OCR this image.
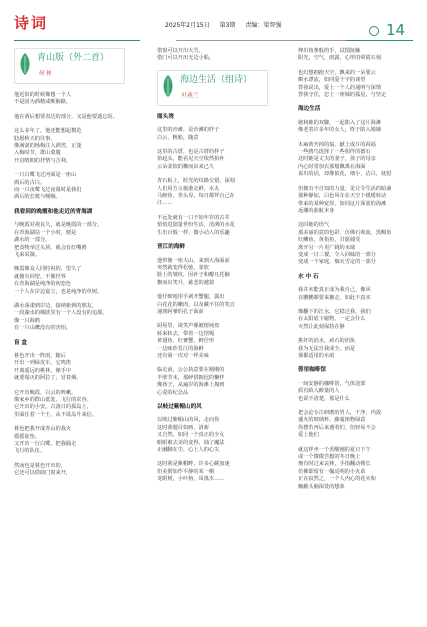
诗词	2025年2月15日 第3期 责编：梁智强	14
青山版（外二首）
何 林

他近似的时候像想一个人
不是因为酒精或断脑路。

他在酒后想要表达的部分，又是他要遗忘的。

这么多年了，他还能想起模范
肋愿秋天的往事，
像满滚的杨梅注入酒窖，正逢
入梅时节，群山蒙胧
开启晴朗的抒情与吉利。

一只白鹭飞过河面是一座山
酒后的古白。
而一只夜鹭飞过夜幕时是我们
酒后的长歌与哽咽。

我看到的晚霞和他走近的青海湖

与晚霞对视良久，就是晚霞的一部分。
在青海湖站一个小时，便是
湖水的一部分。
把食物举过头顶，就会有红嘴鸥
飞来采撷。

晚霞像众人同时祝的，望久了
就拥有回望，不像世界
在青海湖是纯净的初恋色
一个人在岸边嘉立，也是纯净的草树。

湖水荡漾到岸边，接纳新到的朋友，
一段湖水的颠跃里有一个人没有的追那，
像一只海鸥
有一只山鹰没有的害怕。

盲 盒

暮色开出一阵雨，随后
开出一列绿皮车，它鸣笛
开离遥远的桃林，像手中
就要塌灭的阿拉丁，冒着烟。

它开出晚霞，白云的咳嗽。
像家乡的群山低处，飞行的农谷。
它开出的小安，古落日的孤岛上，
里面住着一个王，从不谎岛升来信。

暮色把我开成青山的我火
摇摇欲坠。
又开出一行白鹭，把我隔走
飞行的队伍。

然而也是暮色开出的，
它还可以借助门窗来开，

借窗可以开出大雪，
借门可以开出无边小船。

海边生活（组诗）
叶燕兰
图头湾

这里的沙滩，是沙滩的样子
白云，帆船，随意

这里的古厝，也是古厝的样子
拾起头，能看见天空依然拍补
云朵柔软的飘而由来已久

青石板上，时光的纹路交错，深刻
人们用方言施港走鲜，水丸
马鲛鱼，拳头母，每日都拜自己在
汪……

不远处就有一口不知年岁的古井
悄悄进溜量世纷生活，清冽的水花
生出百般一样，微小动人的乐趣

晋江的海鲜

他带像一座大山，来到大海面前
突然就变得松弛，柔软
脸上的皱纹，因补子和瓣凡托触
飘而出笑升，慈悲的越猜

他仔细地用手剥开蟹腿，露出
白花花的嫩肉，以及藏不住的笑音
递到阿爹的孔子面前

厨屋里，谈笑声像被熔钝盘
转来转去，带着一边馆嘎
黄翅鱼，红膏蟹，鲜仔形
一边咏炸晋江的海鲜
还有第一次对一样美味

临走前，公公执意要在刚刚的
半壁节末，那碎惜拥迟的懒样
像孩子，从遍岸的海滩上掏到
心爱的纪念品

以岐过紫帽山的风

以岐过紫帽山的风，走向你
这时我题目如画，清新
又自然，如同一个真正的少女
眼眼被去美的变得，抽了魔法
正融脚在尘，心上人的心尖

这时我是紫帽畔，许多心跳加速
但美假如作平静的某一桐
龙眼树，小叶榕，凤凰木……

伸出枝条般的手，试图抚触
阳光，空气，雨露，心形的晕霞石刻

也幻想拥抱天空，飘来的一朵要云
颇水漂流，如同爱个字的谈望
替我说出，爱上一个人的通明与深情
替我守住，忠上一座城的孤星，与坚定

海边生活

她和她的双脚，一起陷入了这片海滩
像老着许多年的女人，终于陷入婚姻

木麻黄开掉的翁，献上成片的祝福
一些鸥鸟选择了一些相伴的德石
这时她是丈夫的妻子，孩子的母亲
内心时常加衣那船飘离在海面
说出的话，却像依花，细小，洁白，抚慰

但拥有不自知的力量，见让令生活的暗滴
那种静如，白色风车在天空下缓缓转动
带来的某种宽厚，如同这片深蓝的海滩
返潮的曲航本身

这时她的语气
那美丽的意的色彩，仿佛石观血，黑鲷鱼
红鳞鱼，黄指鱼，甘愿捕受
离开另一片更广阔的水域
变成一日三餐，令入回味的一部分
变成一个家庭，烟火雪定的一部分

水 中 石

我并未能真正成为我自己，像风
在鹏鹏都要来撤走，如此不真实

像翻下的江水，它稳过我，我们
在太阳底下磁物，一定会什么
灭然让此刻保持在静

挑奸的消水，顽石的团执
我为无法自我成全，而是
那都适用的水痕

蓉里咖啡馆

一间安静的咖啡馆，气体淀部
质有陷入醉量的人
也说不清楚，那是什么

把会论专注研磨的男人，千净，内敛
盛火的玻璃杯，藤蔓植物绿意
你摆若再后来遇着们，但轻易不会
爱上他们

就这样坐一个香酸刚的夏日下午
或一个微微苦想的冬日晚上
俺有时过来哀林，手指翻动楼长
仿佛即留有一撮适明的小火苗
正在寂然之，一个人内心的花火和
幽蔽头脑深处的想象
